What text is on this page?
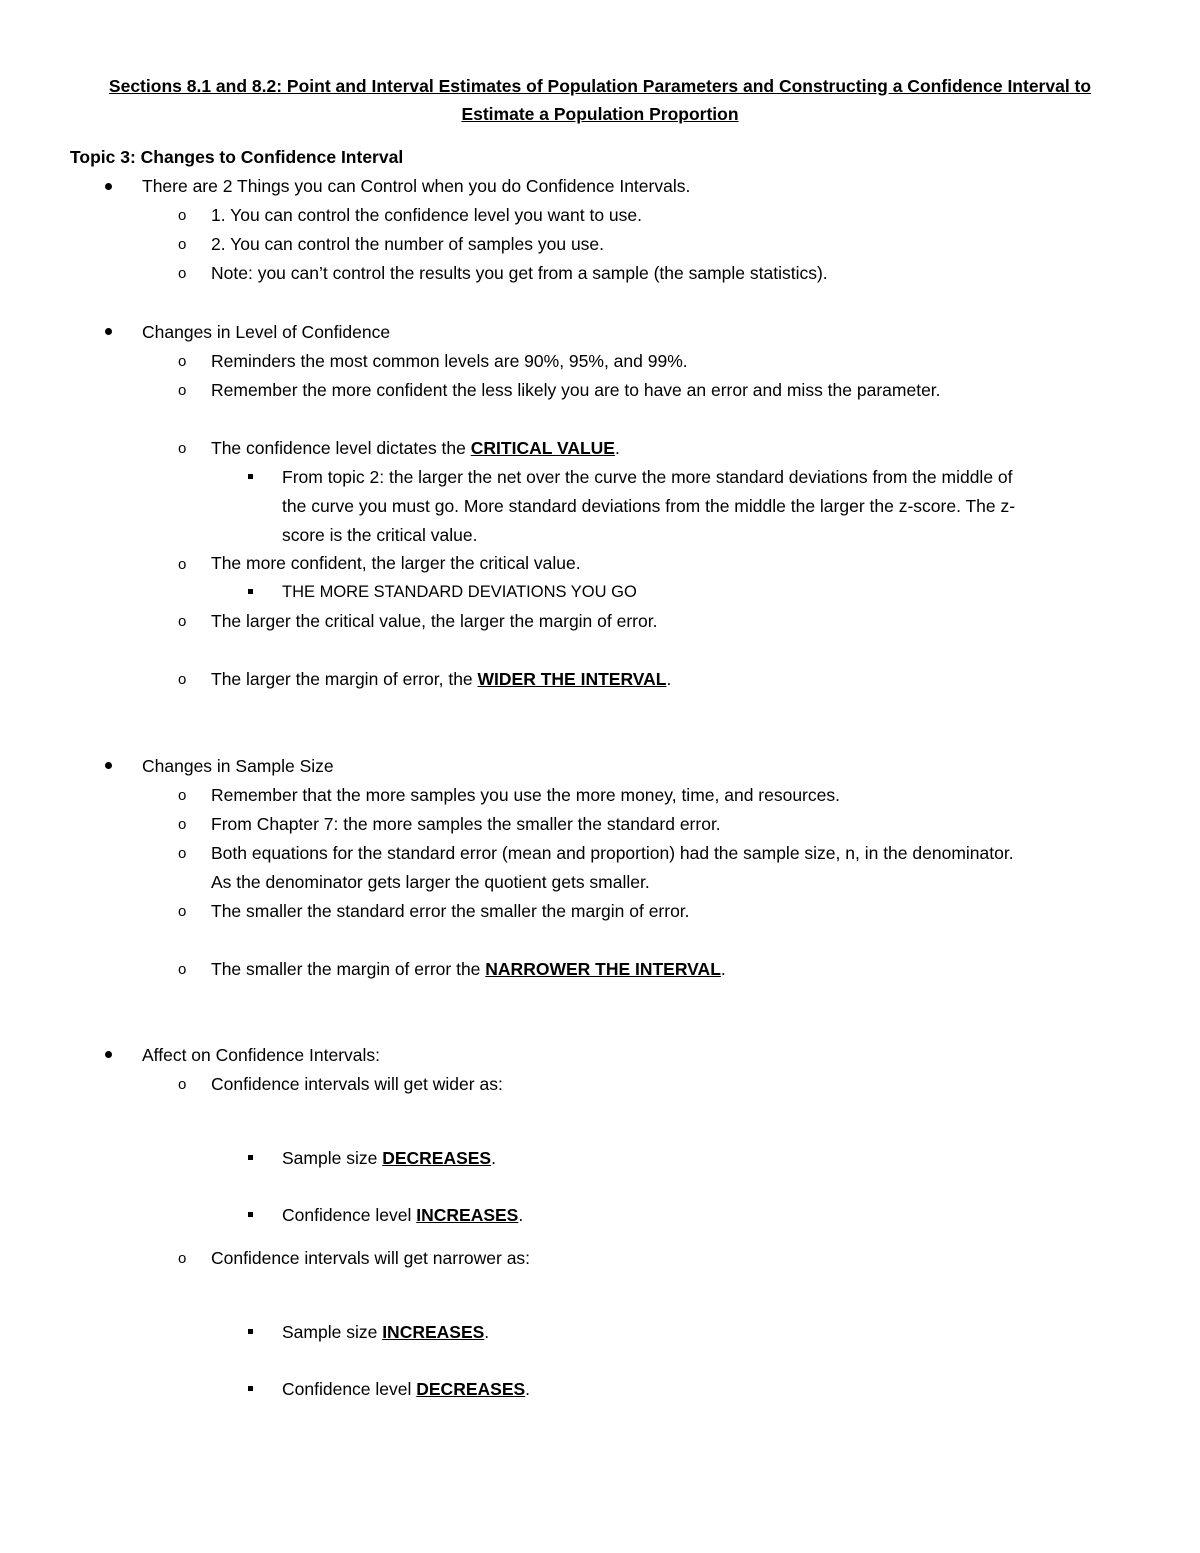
Sections 8.1 and 8.2: Point and Interval Estimates of Population Parameters and Constructing a Confidence Interval to
Estimate a Population Proportion
Topic 3: Changes to Confidence Interval
There are 2 Things you can Control when you do Confidence Intervals.
o 1. You can control the confidence level you want to use.
o 2. You can control the number of samples you use.
o Note: you can’t control the results you get from a sample (the sample statistics).
Changes in Level of Confidence
o Reminders the most common levels are 90%, 95%, and 99%.
o Remember the more confident the less likely you are to have an error and miss the parameter.
o The confidence level dictates the CRITICAL VALUE.
From topic 2: the larger the net over the curve the more standard deviations from the middle of
the curve you must go. More standard deviations from the middle the larger the z-score. The z-
score is the critical value.
o The more confident, the larger the critical value.
THE MORE STANDARD DEVIATIONS YOU GO
o The larger the critical value, the larger the margin of error.
o The larger the margin of error, the WIDER THE INTERVAL.
Changes in Sample Size
o Remember that the more samples you use the more money, time, and resources.
o From Chapter 7: the more samples the smaller the standard error.
o Both equations for the standard error (mean and proportion) had the sample size, n, in the denominator.
As the denominator gets larger the quotient gets smaller.
o The smaller the standard error the smaller the margin of error.
o The smaller the margin of error the NARROWER THE INTERVAL.
Affect on Confidence Intervals:
o Confidence intervals will get wider as:
Sample size DECREASES.
Confidence level INCREASES.
o Confidence intervals will get narrower as:
Sample size INCREASES.
Confidence level DECREASES.
